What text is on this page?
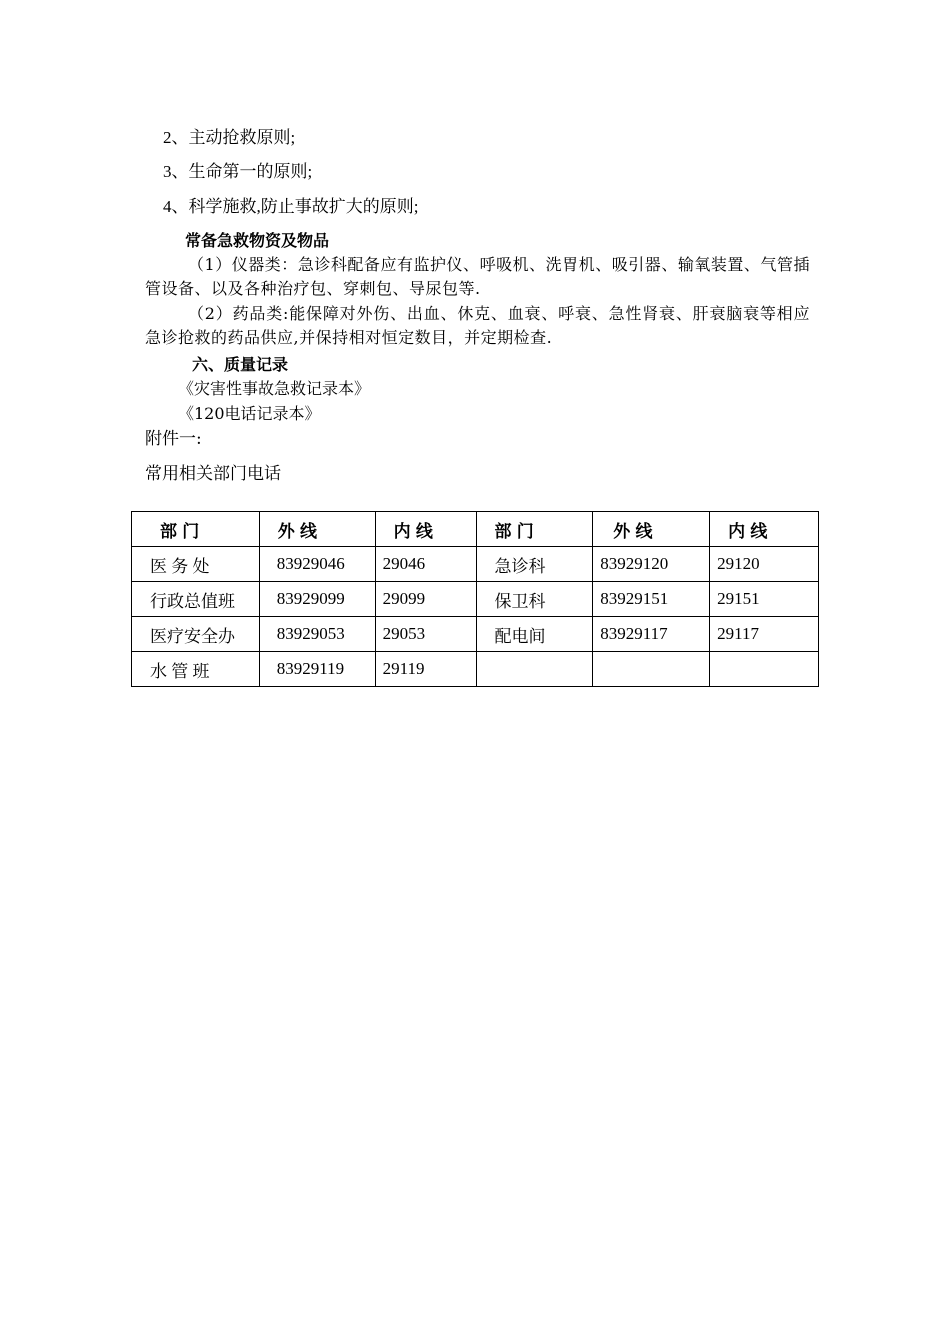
2、主动抢救原则;
3、生命第一的原则;
4、科学施救,防止事故扩大的原则;
常备急救物资及物品
（1）仪器类：急诊科配备应有监护仪、呼吸机、洗胃机、吸引器、输氧装置、气管插管设备、以及各种治疗包、穿刺包、导尿包等.
（2）药品类:能保障对外伤、出血、休克、血衰、呼衰、急性肾衰、肝衰脑衰等相应急诊抢救的药品供应,并保持相对恒定数目，并定期检查.
六、质量记录
《灾害性事故急救记录本》
《120电话记录本》
附件一:
常用相关部门电话
部 门	外 线	内 线	部 门	外 线	内 线
医 务 处	83929046	29046	急诊科	83929120	29120
行政总值班	83929099	29099	保卫科	83929151	29151
医疗安全办	83929053	29053	配电间	83929117	29117
水 管 班	83929119	29119			
